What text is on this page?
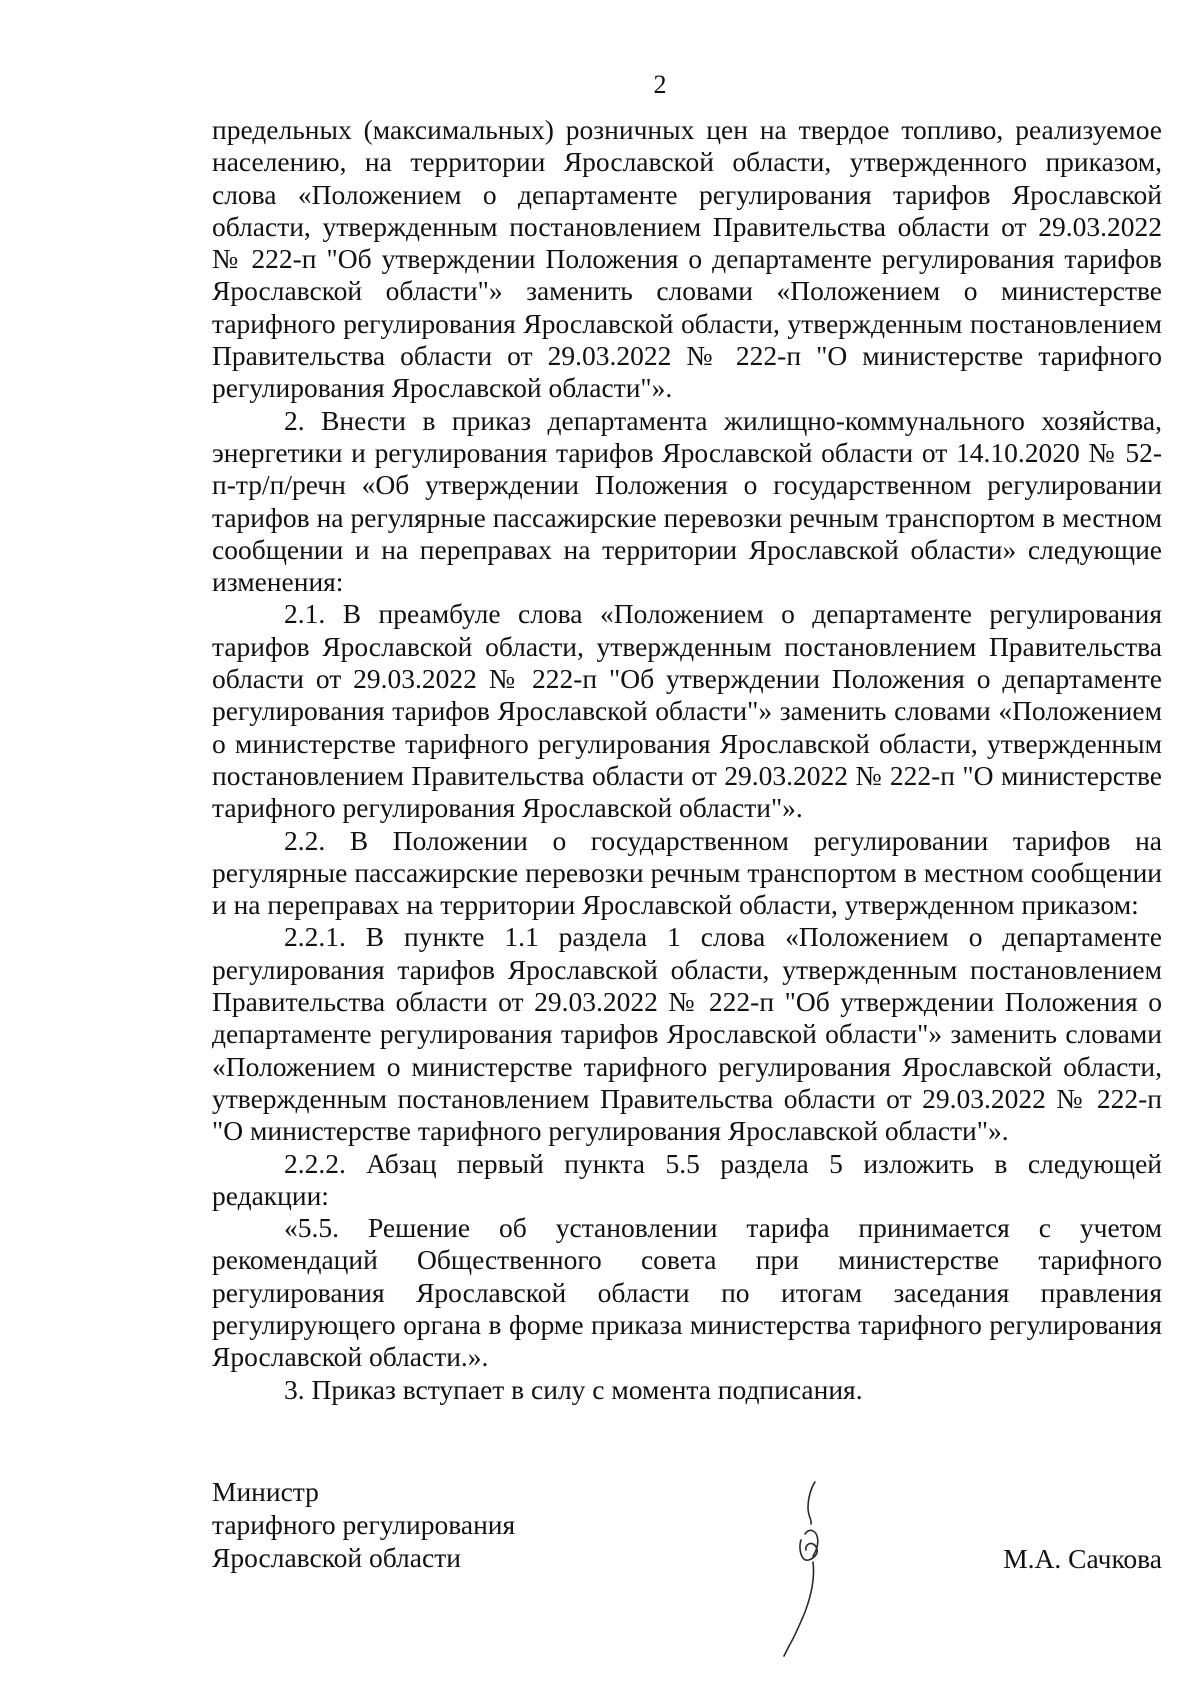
2

предельных (максимальных) розничных цен на твердое топливо, реализуемое населению, на территории Ярославской области, утвержденного приказом, слова «Положением о департаменте регулирования тарифов Ярославской области, утвержденным постановлением Правительства области от 29.03.2022 № 222-п "Об утверждении Положения о департаменте регулирования тарифов Ярославской области"» заменить словами «Положением о министерстве тарифного регулирования Ярославской области, утвержденным постановлением Правительства области от 29.03.2022 № 222-п "О министерстве тарифного регулирования Ярославской области"».

2. Внести в приказ департамента жилищно-коммунального хозяйства, энергетики и регулирования тарифов Ярославской области от 14.10.2020 № 52-п-тр/п/речн «Об утверждении Положения о государственном регулировании тарифов на регулярные пассажирские перевозки речным транспортом в местном сообщении и на переправах на территории Ярославской области» следующие изменения:

2.1. В преамбуле слова «Положением о департаменте регулирования тарифов Ярославской области, утвержденным постановлением Правительства области от 29.03.2022 № 222-п "Об утверждении Положения о департаменте регулирования тарифов Ярославской области"» заменить словами «Положением о министерстве тарифного регулирования Ярославской области, утвержденным постановлением Правительства области от 29.03.2022 № 222-п "О министерстве тарифного регулирования Ярославской области"».

2.2. В Положении о государственном регулировании тарифов на регулярные пассажирские перевозки речным транспортом в местном сообщении и на переправах на территории Ярославской области, утвержденном приказом:

2.2.1. В пункте 1.1 раздела 1 слова «Положением о департаменте регулирования тарифов Ярославской области, утвержденным постановлением Правительства области от 29.03.2022 № 222-п "Об утверждении Положения о департаменте регулирования тарифов Ярославской области"» заменить словами «Положением о министерстве тарифного регулирования Ярославской области, утвержденным постановлением Правительства области от 29.03.2022 № 222-п "О министерстве тарифного регулирования Ярославской области"».

2.2.2. Абзац первый пункта 5.5 раздела 5 изложить в следующей редакции:

«5.5. Решение об установлении тарифа принимается с учетом рекомендаций Общественного совета при министерстве тарифного регулирования Ярославской области по итогам заседания правления регулирующего органа в форме приказа министерства тарифного регулирования Ярославской области.».

3. Приказ вступает в силу с момента подписания.

Министр
тарифного регулирования
Ярославской области	М.А. Сачкова
